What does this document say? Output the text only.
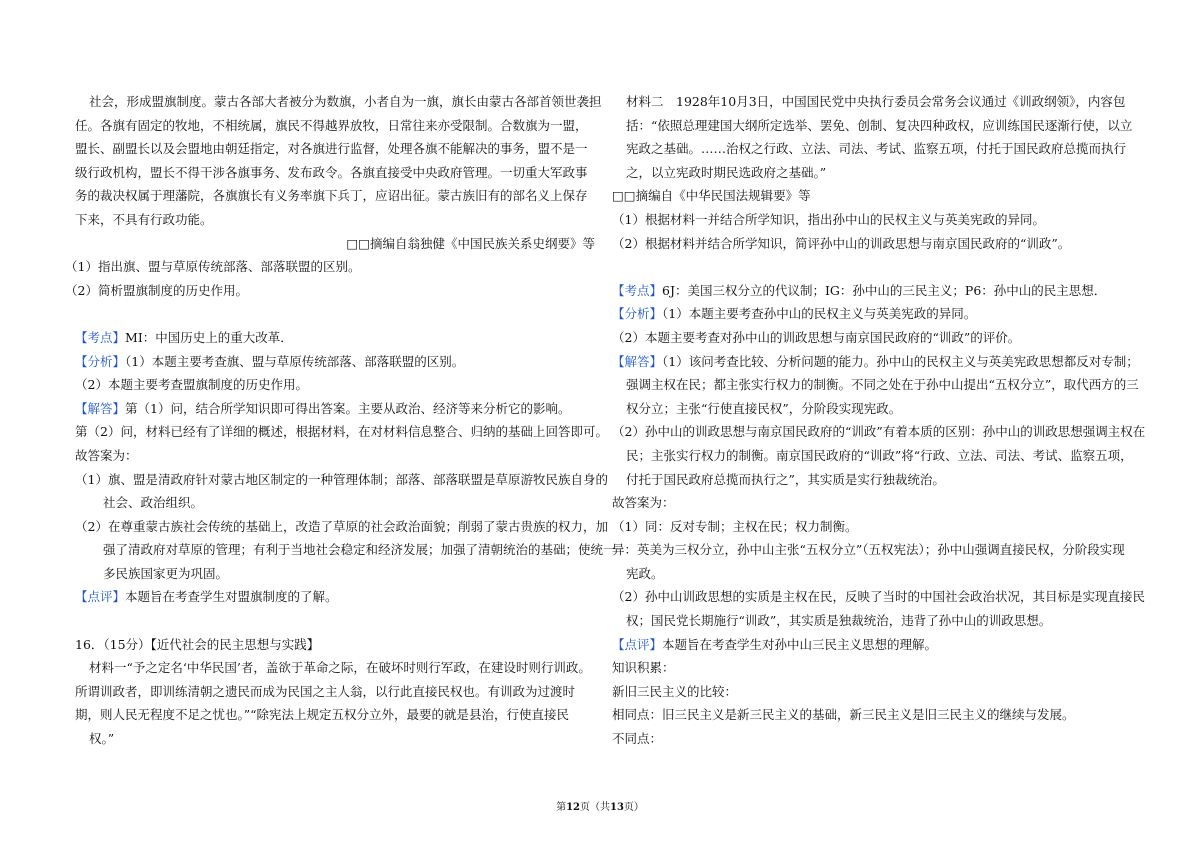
社会，形成盟旗制度。蒙古各部大者被分为数旗，小者自为一旗，旗长由蒙古各部首领世袭担
任。各旗有固定的牧地，不相统属，旗民不得越界放牧，日常往来亦受限制。合数旗为一盟，
盟长、副盟长以及会盟地由朝廷指定，对各旗进行监督，处理各旗不能解决的事务，盟不是一
级行政机构，盟长不得干涉各旗事务、发布政令。各旗直接受中央政府管理。一切重大军政事
务的裁决权属于理藩院，各旗旗长有义务率旗下兵丁，应诏出征。蒙古族旧有的部名义上保存
下来，不具有行政功能。
□□摘编自翁独健《中国民族关系史纲要》等
（1）指出旗、盟与草原传统部落、部落联盟的区别。
（2）简析盟旗制度的历史作用。
【考点】MI：中国历史上的重大改革．
【分析】（1）本题主要考查旗、盟与草原传统部落、部落联盟的区别。
（2）本题主要考查盟旗制度的历史作用。
【解答】第（1）问，结合所学知识即可得出答案。主要从政治、经济等来分析它的影响。
第（2）问，材料已经有了详细的概述，根据材料，在对材料信息整合、归纳的基础上回答即可。
故答案为：
（1）旗、盟是清政府针对蒙古地区制定的一种管理体制；部落、部落联盟是草原游牧民族自身的
社会、政治组织。
（2）在尊重蒙古族社会传统的基础上，改造了草原的社会政治面貌；削弱了蒙古贵族的权力，加
强了清政府对草原的管理；有利于当地社会稳定和经济发展；加强了清朝统治的基础；使统一
多民族国家更为巩固。
【点评】本题旨在考查学生对盟旗制度的了解。
16．（15分）【近代社会的民主思想与实践】
材料一“予之定名‘中华民国’者，盖欲于革命之际，在破坏时则行军政，在建设时则行训政。
所谓训政者，即训练清朝之遗民而成为民国之主人翁，以行此直接民权也。有训政为过渡时
期，则人民无程度不足之忧也。”“除宪法上规定五权分立外，最要的就是县治，行使直接民
权。”
材料二　1928年10月3日，中国国民党中央执行委员会常务会议通过《训政纲领》，内容包
括：“依照总理建国大纲所定选举、罢免、创制、复决四种政权，应训练国民逐渐行使，以立
宪政之基础。……治权之行政、立法、司法、考试、监察五项，付托于国民政府总揽而执行
之，以立宪政时期民选政府之基础。”
□□摘编自《中华民国法规辑要》等
（1）根据材料一并结合所学知识，指出孙中山的民权主义与英美宪政的异同。
（2）根据材料并结合所学知识，简评孙中山的训政思想与南京国民政府的“训政”。
【考点】6J：美国三权分立的代议制；IG：孙中山的三民主义；P6：孙中山的民主思想．
【分析】（1）本题主要考查孙中山的民权主义与英美宪政的异同。
（2）本题主要考查对孙中山的训政思想与南京国民政府的“训政”的评价。
【解答】（1）该问考查比较、分析问题的能力。孙中山的民权主义与英美宪政思想都反对专制；
强调主权在民；都主张实行权力的制衡。不同之处在于孙中山提出“五权分立”，取代西方的三
权分立；主张“行使直接民权”，分阶段实现宪政。
（2）孙中山的训政思想与南京国民政府的“训政”有着本质的区别：孙中山的训政思想强调主权在
民；主张实行权力的制衡。南京国民政府的“训政”将“行政、立法、司法、考试、监察五项，
付托于国民政府总揽而执行之”，其实质是实行独裁统治。
故答案为：
（1）同：反对专制；主权在民；权力制衡。
异：英美为三权分立，孙中山主张“五权分立”（五权宪法）；孙中山强调直接民权，分阶段实现
宪政。
（2）孙中山训政思想的实质是主权在民，反映了当时的中国社会政治状况，其目标是实现直接民
权；国民党长期施行“训政”，其实质是独裁统治，违背了孙中山的训政思想。
【点评】本题旨在考查学生对孙中山三民主义思想的理解。
知识积累：
新旧三民主义的比较：
相同点：旧三民主义是新三民主义的基础，新三民主义是旧三民主义的继续与发展。
不同点：
第12页（共13页）
